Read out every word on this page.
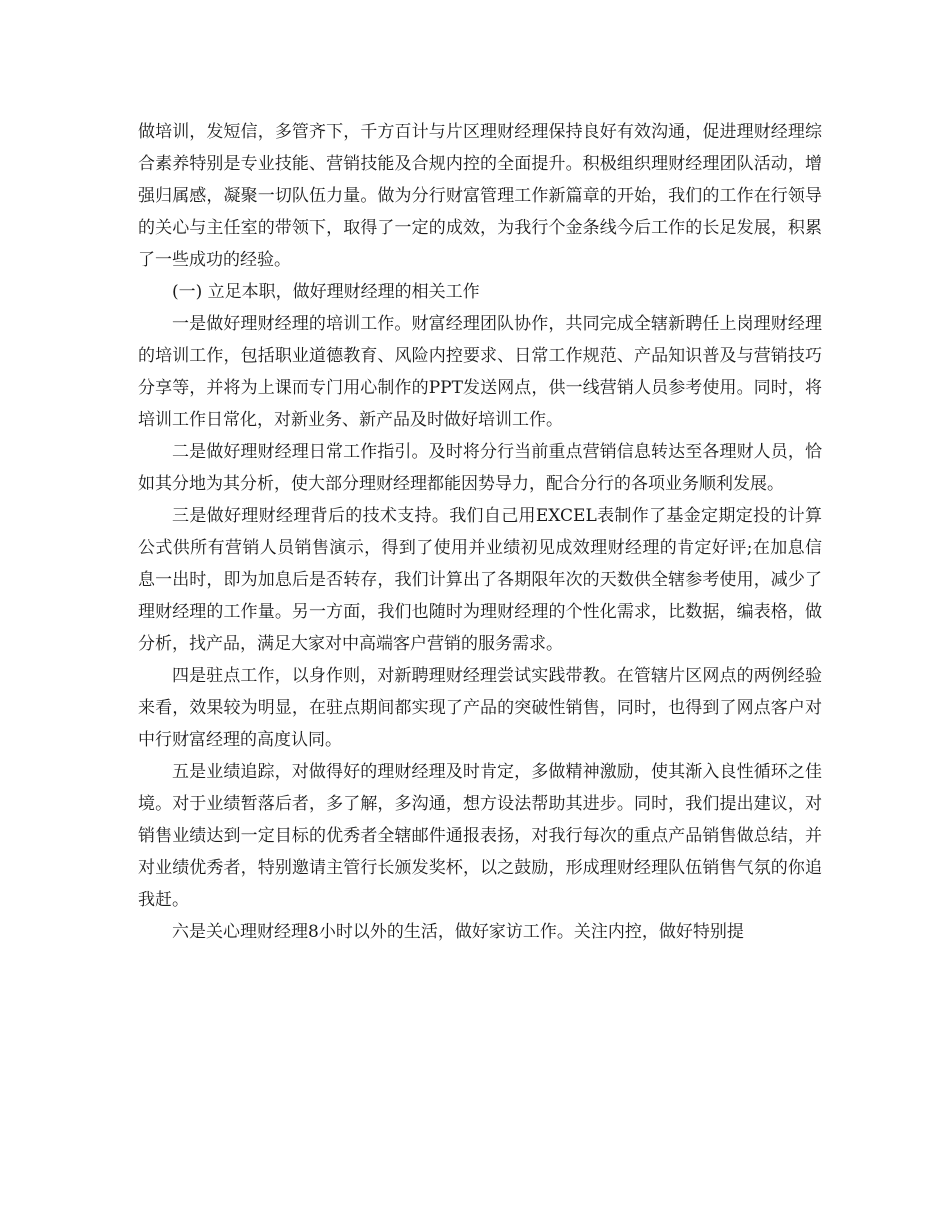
做培训，发短信，多管齐下，千方百计与片区理财经理保持良好有效沟通，促进理财经理综合素养特别是专业技能、营销技能及合规内控的全面提升。积极组织理财经理团队活动，增强归属感，凝聚一切队伍力量。做为分行财富管理工作新篇章的开始，我们的工作在行领导的关心与主任室的带领下，取得了一定的成效，为我行个金条线今后工作的长足发展，积累了一些成功的经验。

(一) 立足本职，做好理财经理的相关工作

一是做好理财经理的培训工作。财富经理团队协作，共同完成全辖新聘任上岗理财经理的培训工作，包括职业道德教育、风险内控要求、日常工作规范、产品知识普及与营销技巧分享等，并将为上课而专门用心制作的PPT发送网点，供一线营销人员参考使用。同时，将培训工作日常化，对新业务、新产品及时做好培训工作。

二是做好理财经理日常工作指引。及时将分行当前重点营销信息转达至各理财人员，恰如其分地为其分析，使大部分理财经理都能因势导力，配合分行的各项业务顺利发展。

三是做好理财经理背后的技术支持。我们自己用EXCEL表制作了基金定期定投的计算公式供所有营销人员销售演示，得到了使用并业绩初见成效理财经理的肯定好评;在加息信息一出时，即为加息后是否转存，我们计算出了各期限年次的天数供全辖参考使用，减少了理财经理的工作量。另一方面，我们也随时为理财经理的个性化需求，比数据，编表格，做分析，找产品，满足大家对中高端客户营销的服务需求。

四是驻点工作，以身作则，对新聘理财经理尝试实践带教。在管辖片区网点的两例经验来看，效果较为明显，在驻点期间都实现了产品的突破性销售，同时，也得到了网点客户对中行财富经理的高度认同。

五是业绩追踪，对做得好的理财经理及时肯定，多做精神激励，使其渐入良性循环之佳境。对于业绩暂落后者，多了解，多沟通，想方设法帮助其进步。同时，我们提出建议，对销售业绩达到一定目标的优秀者全辖邮件通报表扬，对我行每次的重点产品销售做总结，并对业绩优秀者，特别邀请主管行长颁发奖杯，以之鼓励，形成理财经理队伍销售气氛的你追我赶。

六是关心理财经理8小时以外的生活，做好家访工作。关注内控，做好特别提
